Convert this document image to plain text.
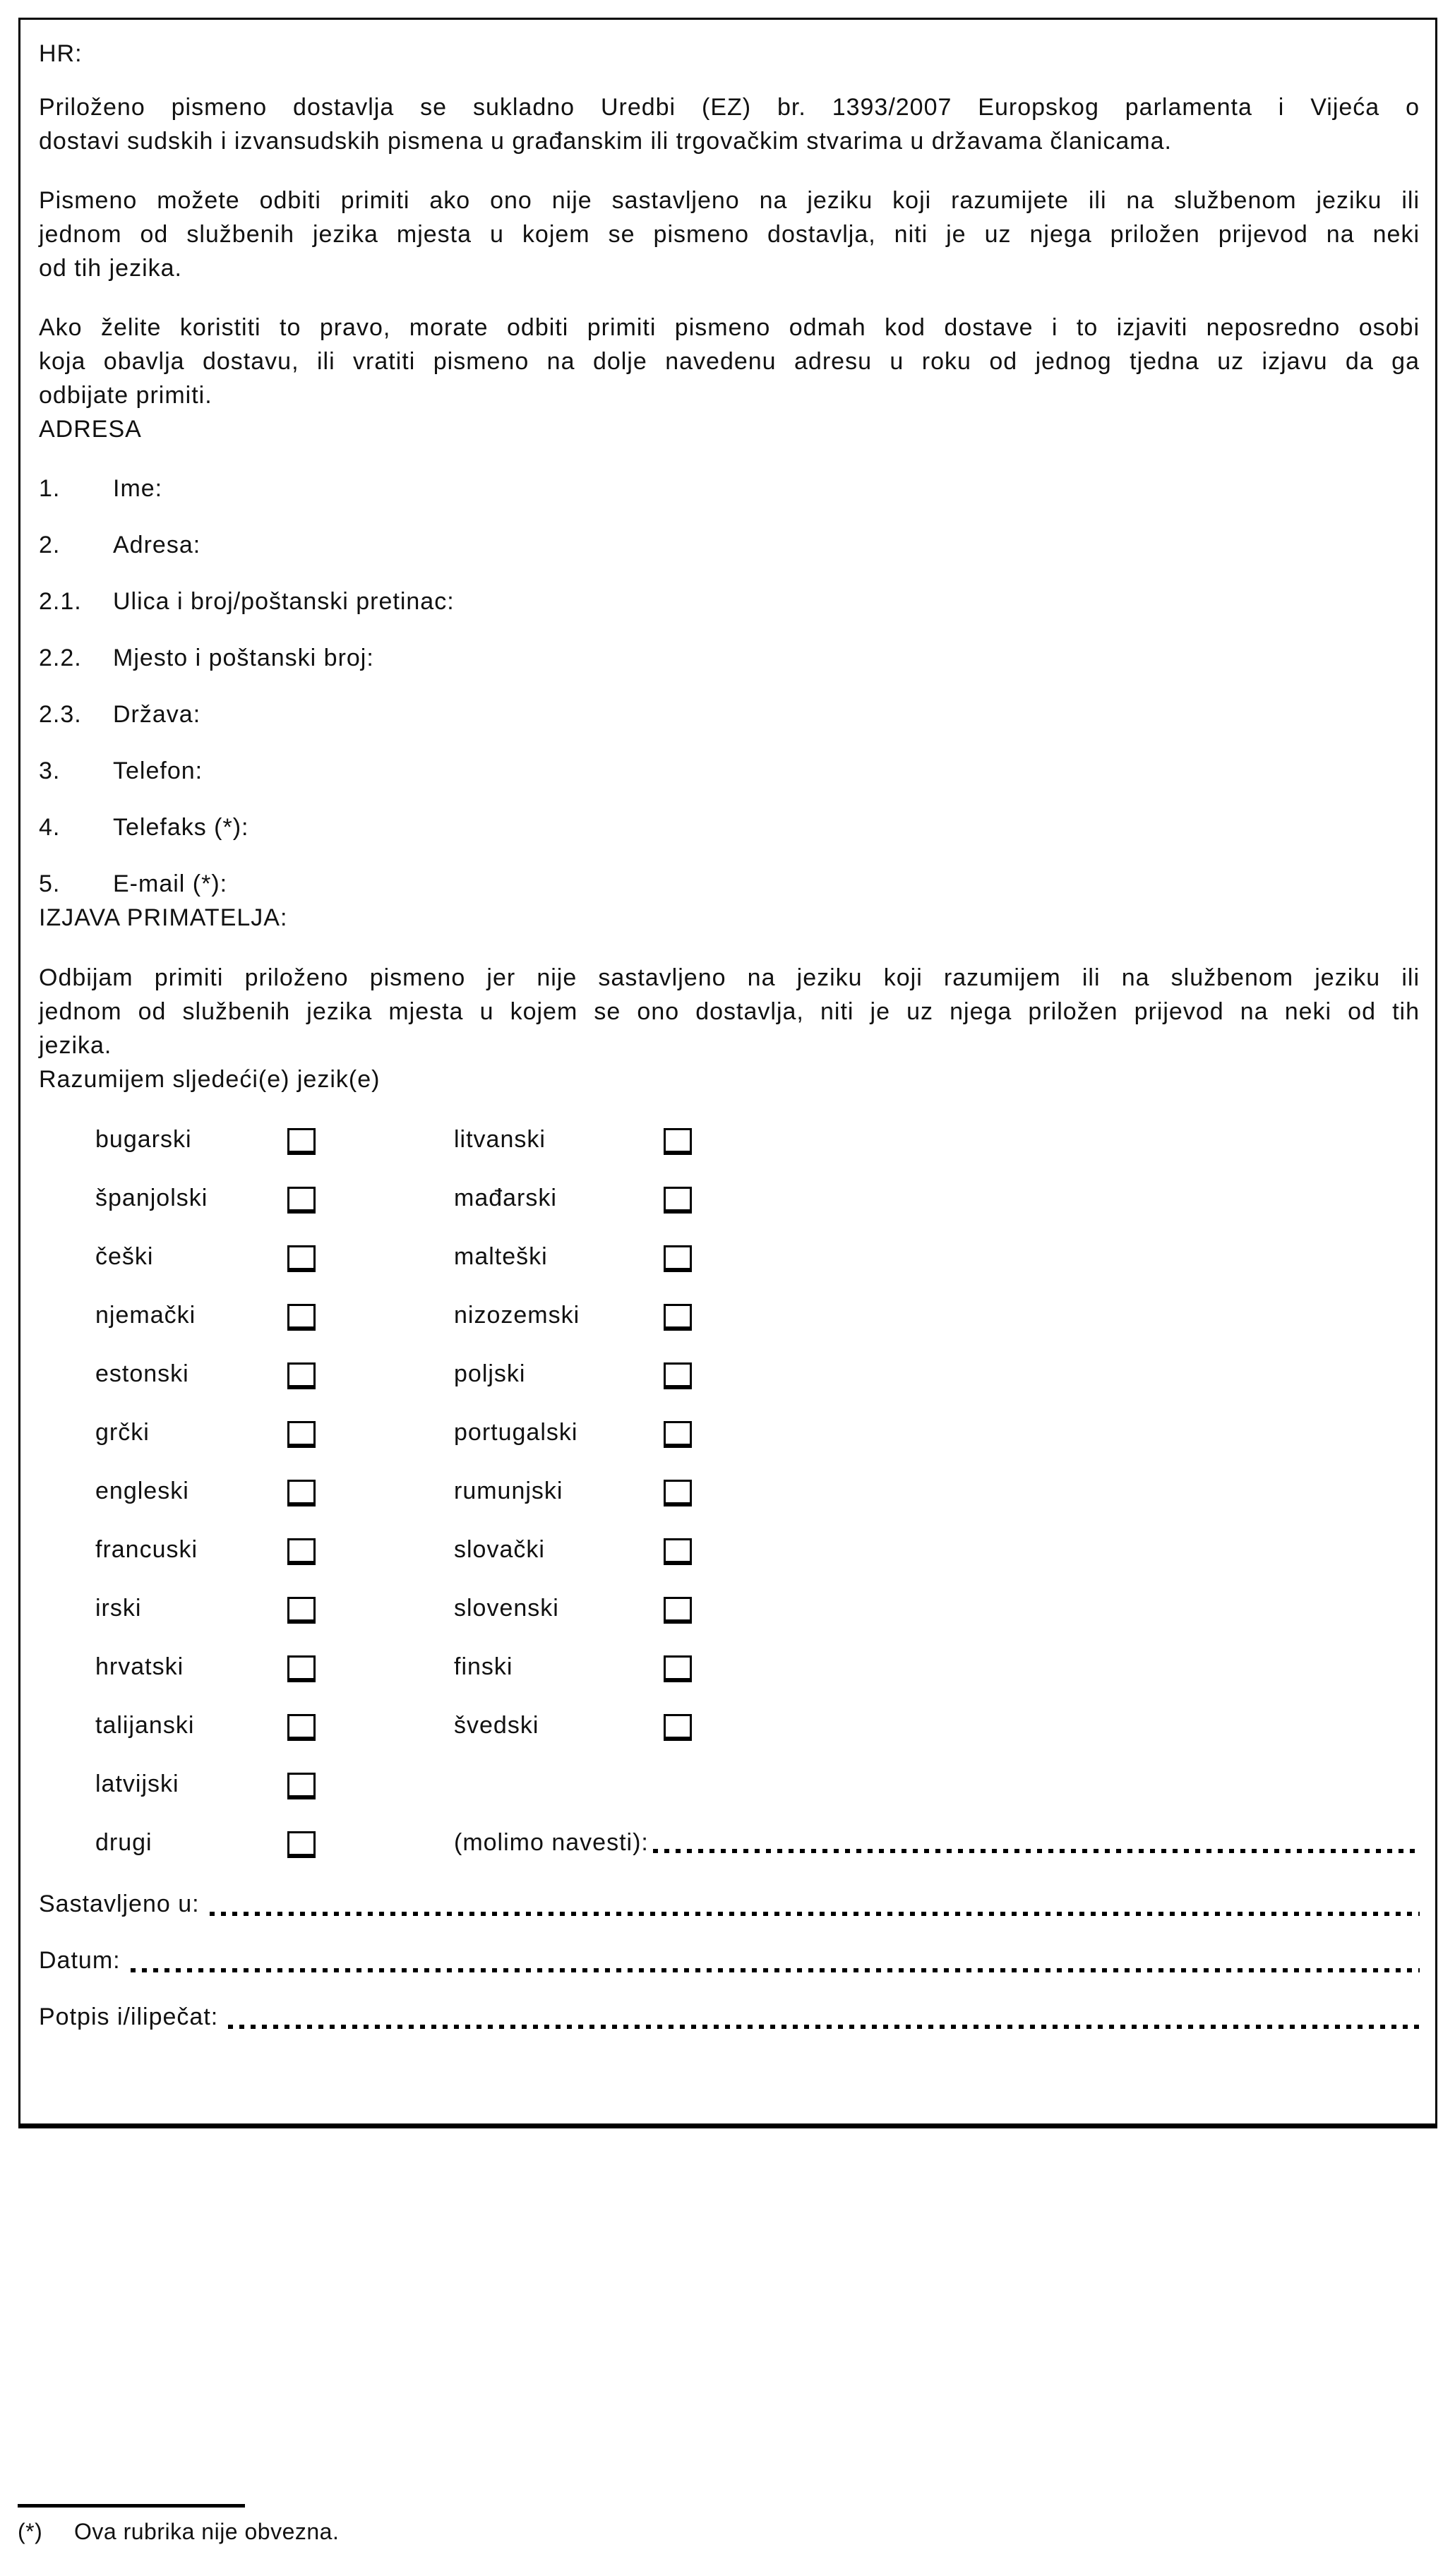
HR:
Priloženo pismeno dostavlja se sukladno Uredbi (EZ) br. 1393/2007 Europskog parlamenta i Vijeća o
dostavi sudskih i izvansudskih pismena u građanskim ili trgovačkim stvarima u državama članicama.
Pismeno možete odbiti primiti ako ono nije sastavljeno na jeziku koji razumijete ili na službenom jeziku ili
jednom od službenih jezika mjesta u kojem se pismeno dostavlja, niti je uz njega priložen prijevod na neki
od tih jezika.
Ako želite koristiti to pravo, morate odbiti primiti pismeno odmah kod dostave i to izjaviti neposredno osobi
koja obavlja dostavu, ili vratiti pismeno na dolje navedenu adresu u roku od jednog tjedna uz izjavu da ga
odbijate primiti.
ADRESA
1. Ime:
2. Adresa:
2.1. Ulica i broj/poštanski pretinac:
2.2. Mjesto i poštanski broj:
2.3. Država:
3. Telefon:
4. Telefaks (*):
5. E-mail (*):
IZJAVA PRIMATELJA:
Odbijam primiti priloženo pismeno jer nije sastavljeno na jeziku koji razumijem ili na službenom jeziku ili
jednom od službenih jezika mjesta u kojem se ono dostavlja, niti je uz njega priložen prijevod na neki od tih
jezika.
Razumijem sljedeći(e) jezik(e)
bugarski	litvanski
španjolski	mađarski
češki	malteški
njemački	nizozemski
estonski	poljski
grčki	portugalski
engleski	rumunjski
francuski	slovački
irski	slovenski
hrvatski	finski
talijanski	švedski
latvijski
drugi	(molimo navesti):
Sastavljeno u:
Datum:
Potpis i/ilipečat:
(*)	Ova rubrika nije obvezna.
